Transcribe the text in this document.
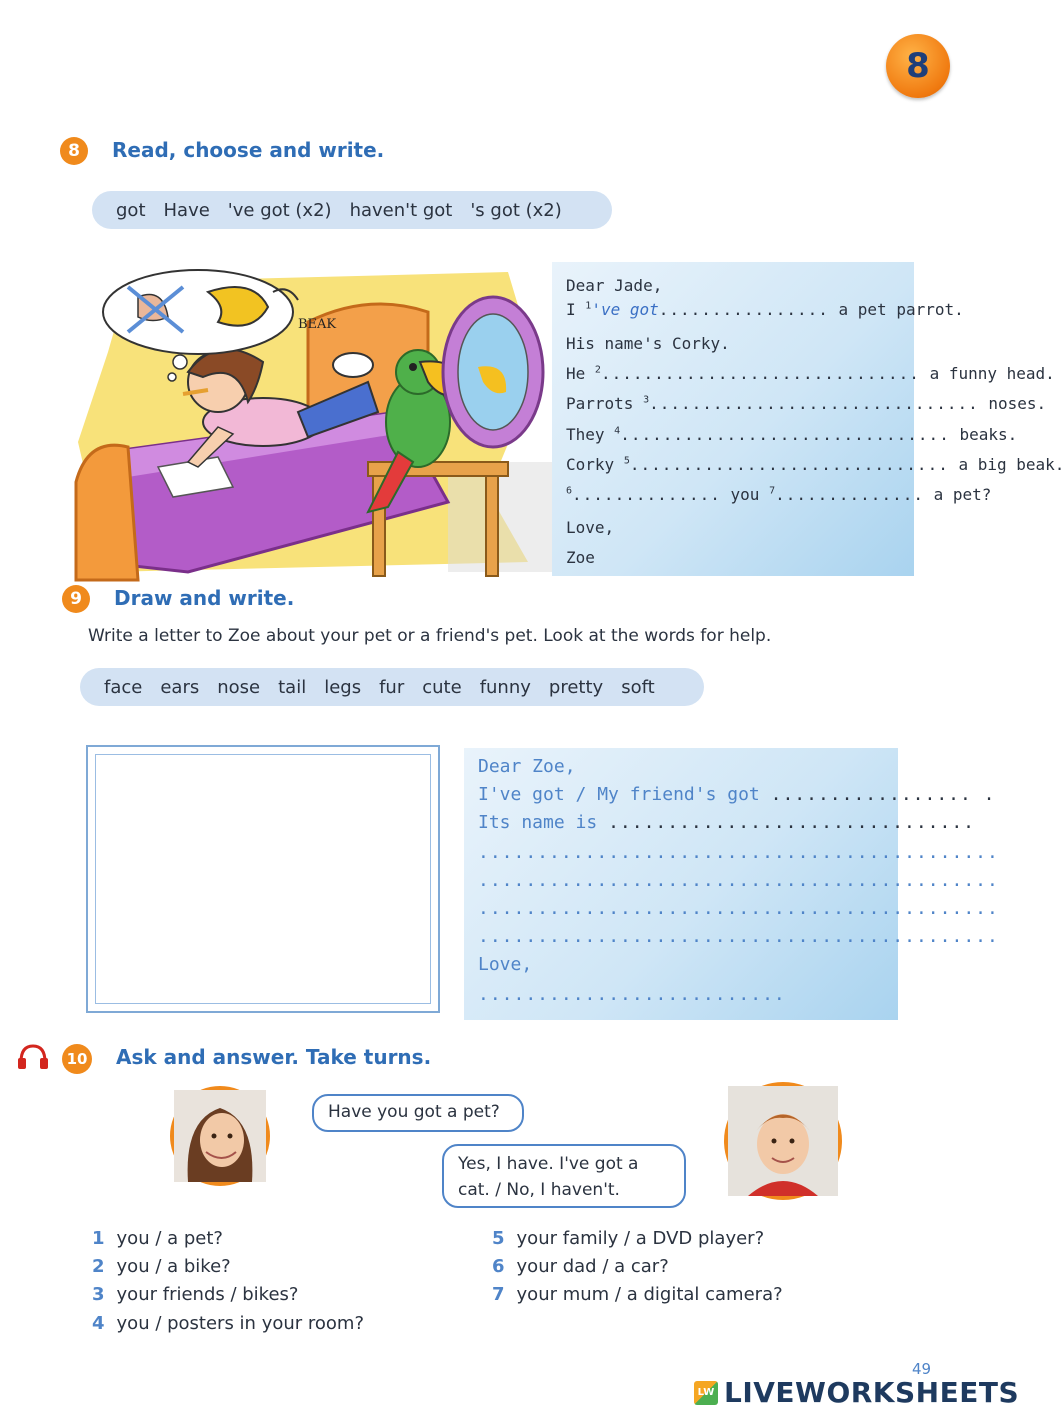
8
8	Read, choose and write.
got Have 've got (x2) haven't got 's got (x2)
BEAK
Dear Jade,
I $^1$'ve got................ a pet parrot.
His name's Corky.
He $^2$.............................. a funny head.
Parrots $^3$............................... noses.
They $^4$............................... beaks.
Corky $^5$.............................. a big beak.
$^6$.............. you $^7$.............. a pet?
Love,
Zoe
9	Draw and write.
Write a letter to Zoe about your pet or a friend's pet. Look at the words for help.
face ears nose tail legs fur cute funny pretty soft
Dear Zoe,
I've got / My friend's got ................. .
Its name is ...............................
............................................
............................................
............................................
............................................
Love,
..........................
10 Ask and answer. Take turns.
Have you got a pet?
Yes, I have. I've got a
cat. / No, I haven't.
1 you / a pet?
2 you / a bike?
3 your friends / bikes?
4 you / posters in your room?
5 your family / a DVD player?
6 your dad / a car?
7 your mum / a digital camera?
49
LW LIVEWORKSHEETS
